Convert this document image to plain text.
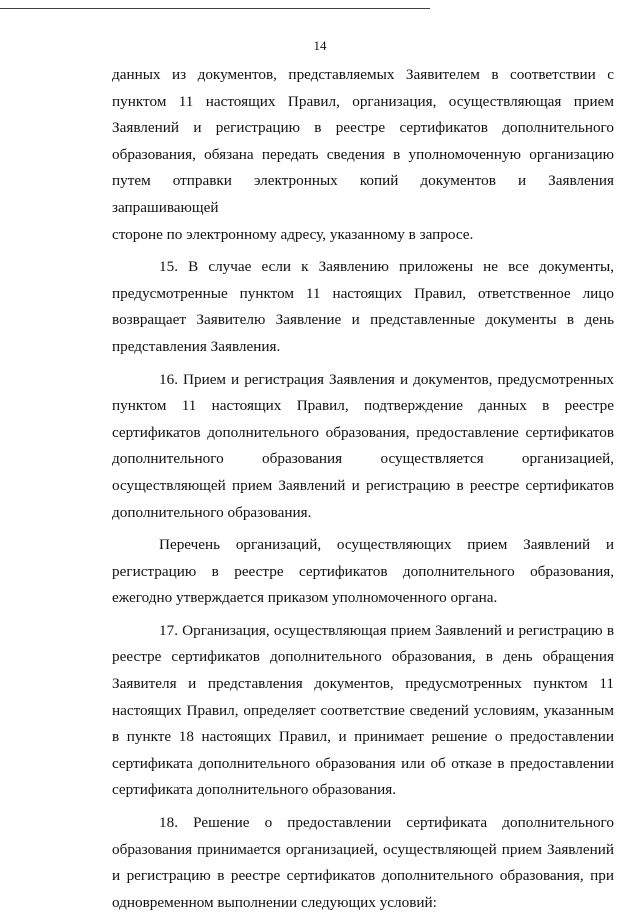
14

данных из документов, представляемых Заявителем в соответствии с

пунктом 11 настоящих Правил, организация, осуществляющая прием

Заявлений и регистрацию в реестре сертификатов дополнительного

образования, обязана передать сведения в уполномоченную организацию

путем отправки электронных копий документов и Заявления запрашивающей

стороне по электронному адресу, указанному в запросе.

15. В случае если к Заявлению приложены не все документы,

предусмотренные пунктом 11 настоящих Правил, ответственное лицо

возвращает Заявителю Заявление и представленные документы в день

представления Заявления.

16. Прием и регистрация Заявления и документов, предусмотренных

пунктом 11 настоящих Правил, подтверждение данных в реестре

сертификатов дополнительного образования, предоставление сертификатов

дополнительного образования осуществляется организацией,

осуществляющей прием Заявлений и регистрацию в реестре сертификатов

дополнительного образования.

Перечень организаций, осуществляющих прием Заявлений и

регистрацию в реестре сертификатов дополнительного образования,

ежегодно утверждается приказом уполномоченного органа.

17. Организация, осуществляющая прием Заявлений и регистрацию в

реестре сертификатов дополнительного образования, в день обращения

Заявителя и представления документов, предусмотренных пунктом 11

настоящих Правил, определяет соответствие сведений условиям, указанным

в пункте 18 настоящих Правил, и принимает решение о предоставлении

сертификата дополнительного образования или об отказе в предоставлении

сертификата дополнительного образования.

18. Решение о предоставлении сертификата дополнительного

образования принимается организацией, осуществляющей прием Заявлений

и регистрацию в реестре сертификатов дополнительного образования, при

одновременном выполнении следующих условий:
